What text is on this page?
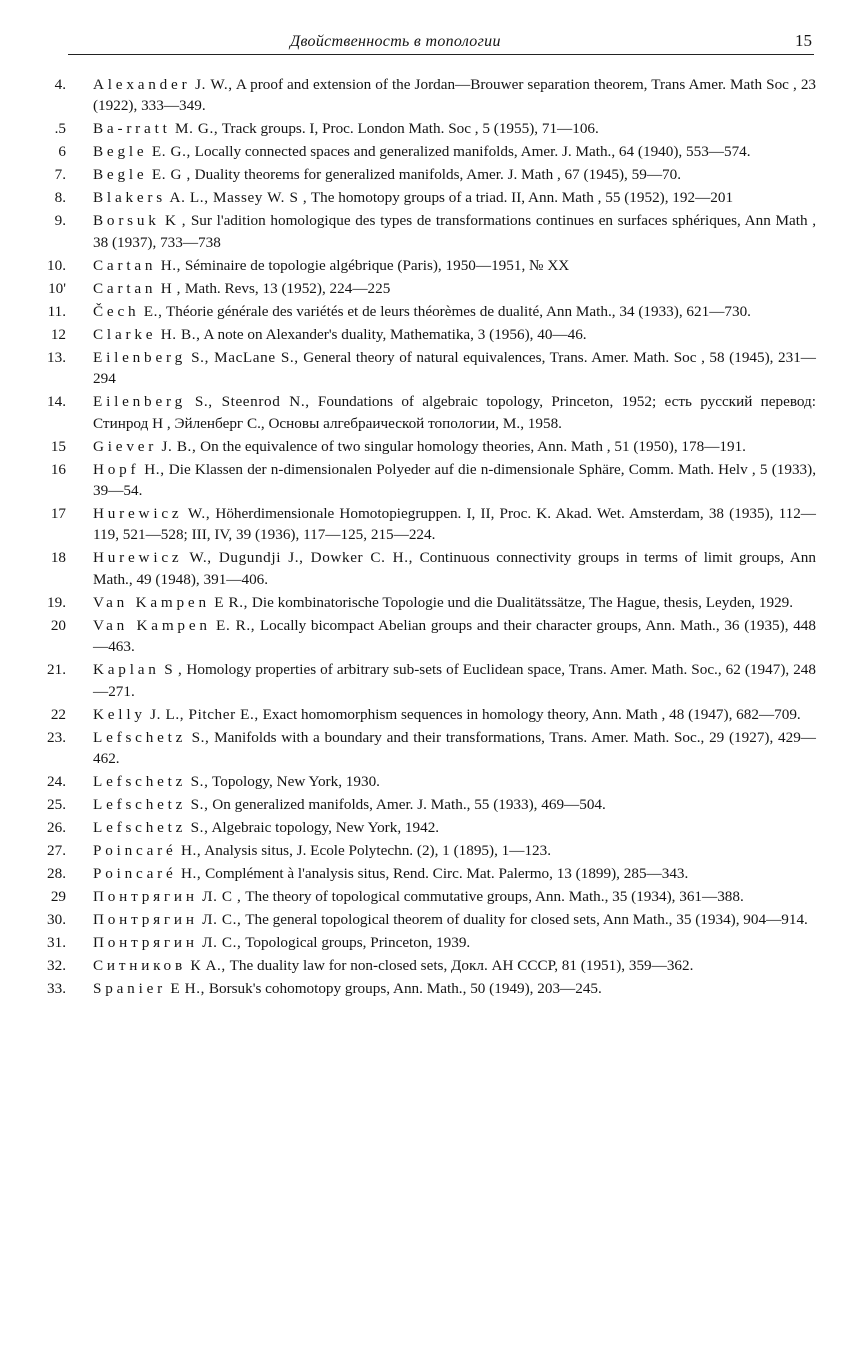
Двойственность в топологии	15
4. Alexander J. W., A proof and extension of the Jordan—Brouwer separation theorem, Trans Amer. Math Soc , 23 (1922), 333—349.
.5 Ba-rratt M. G., Track groups. I, Proc. London Math. Soc , 5 (1955), 71—106.
6 Begle E. G., Locally connected spaces and generalized manifolds, Amer. J. Math., 64 (1940), 553—574.
7. Begle E. G , Duality theorems for generalized manifolds, Amer. J. Math , 67 (1945), 59—70.
8. Blakers A. L., Massey W. S , The homotopy groups of a triad. II, Ann. Math , 55 (1952), 192—201
9. Borsuk K , Sur l'adition homologique des types de transformations continues en surfaces sphériques, Ann Math , 38 (1937), 733—738
10. Cartan H., Séminaire de topologie algébrique (Paris), 1950—1951, № XX
10' Cartan H , Math. Revs, 13 (1952), 224—225
11. Čech E., Théorie générale des variétés et de leurs théorèmes de dualité, Ann Math., 34 (1933), 621—730.
12 Clarke H. B., A note on Alexander's duality, Mathematika, 3 (1956), 40—46.
13. Eilenberg S., MacLane S., General theory of natural equivalences, Trans. Amer. Math. Soc , 58 (1945), 231—294
14. Eilenberg S., Steenrod N., Foundations of algebraic topology, Princeton, 1952; есть русский перевод: Стинрод Н , Эйленберг С., Основы алгебраической топологии, М., 1958.
15 Giever J. B., On the equivalence of two singular homology theories, Ann. Math , 51 (1950), 178—191.
16 Hopf H., Die Klassen der n-dimensionalen Polyeder auf die n-dimensionale Sphäre, Comm. Math. Helv , 5 (1933), 39—54.
17 Hurewicz W., Höherdimensionale Homotopiegruppen. I, II, Proc. K. Akad. Wet. Amsterdam, 38 (1935), 112—119, 521—528; III, IV, 39 (1936), 117—125, 215—224.
18 Hurewicz W., Dugundji J., Dowker C. H., Continuous connectivity groups in terms of limit groups, Ann Math., 49 (1948), 391—406.
19. Van Kampen E R., Die kombinatorische Topologie und die Dualitätssätze, The Hague, thesis, Leyden, 1929.
20 Van Kampen E. R., Locally bicompact Abelian groups and their character groups, Ann. Math., 36 (1935), 448—463.
21. Kaplan S , Homology properties of arbitrary sub-sets of Euclidean space, Trans. Amer. Math. Soc., 62 (1947), 248—271.
22 Kelly J. L., Pitcher E., Exact homomorphism sequences in homology theory, Ann. Math , 48 (1947), 682—709.
23. Lefschetz S., Manifolds with a boundary and their transformations, Trans. Amer. Math. Soc., 29 (1927), 429—462.
24. Lefschetz S., Topology, New York, 1930.
25. Lefschetz S., On generalized manifolds, Amer. J. Math., 55 (1933), 469—504.
26. Lefschetz S., Algebraic topology, New York, 1942.
27. Poincaré H., Analysis situs, J. Ecole Polytechn. (2), 1 (1895), 1—123.
28. Poincaré H., Complément à l'analysis situs, Rend. Circ. Mat. Palermo, 13 (1899), 285—343.
29 Понтрягин Л. С , The theory of topological commutative groups, Ann. Math., 35 (1934), 361—388.
30. Понтрягин Л. С., The general topological theorem of duality for closed sets, Ann Math., 35 (1934), 904—914.
31. Понтрягин Л. С., Topological groups, Princeton, 1939.
32. Ситников К А., The duality law for non-closed sets, Докл. АН СССР, 81 (1951), 359—362.
33. Spanier E H., Borsuk's cohomotopy groups, Ann. Math., 50 (1949), 203—245.
